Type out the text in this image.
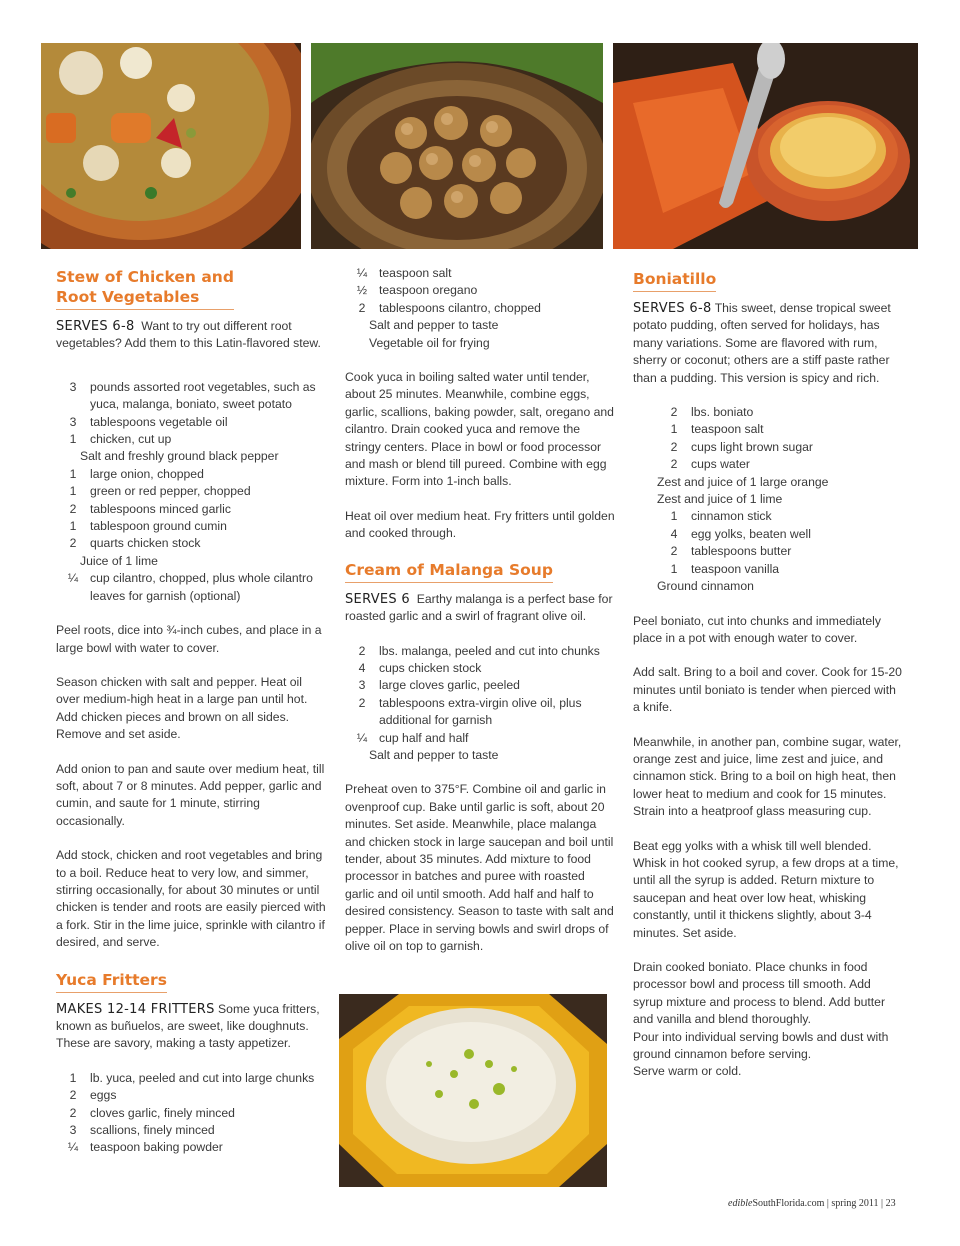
Stew of Chicken and
Root Vegetables

SERVES 6-8 Want to try out different root vegetables? Add them to this Latin-flavored stew.

3	pounds assorted root vegetables, such as yuca, malanga, boniato, sweet potato
3	tablespoons vegetable oil
1	chicken, cut up
Salt and freshly ground black pepper
1	large onion, chopped
1	green or red pepper, chopped
2	tablespoons minced garlic
1	tablespoon ground cumin
2	quarts chicken stock
Juice of 1 lime
¼ cup cilantro, chopped, plus whole cilantro leaves for garnish (optional)

Peel roots, dice into ¾-inch cubes, and place in a large bowl with water to cover.

Season chicken with salt and pepper. Heat oil over medium-high heat in a large pan until hot. Add chicken pieces and brown on all sides. Remove and set aside.

Add onion to pan and saute over medium heat, till soft, about 7 or 8 minutes. Add pepper, garlic and cumin, and saute for 1 minute, stirring occasionally.

Add stock, chicken and root vegetables and bring to a boil. Reduce heat to very low, and simmer, stirring occasionally, for about 30 minutes or until chicken is tender and roots are easily pierced with a fork. Stir in the lime juice, sprinkle with cilantro if desired, and serve.

Yuca Fritters

MAKES 12-14 FRITTERS Some yuca fritters, known as buñuelos, are sweet, like doughnuts. These are savory, making a tasty appetizer.

1	lb. yuca, peeled and cut into large chunks
2	eggs
2	cloves garlic, finely minced
3	scallions, finely minced
¼ teaspoon baking powder
¼ teaspoon salt
½ teaspoon oregano
2	tablespoons cilantro, chopped
Salt and pepper to taste
Vegetable oil for frying

Cook yuca in boiling salted water until tender, about 25 minutes. Meanwhile, combine eggs, garlic, scallions, baking powder, salt, oregano and cilantro. Drain cooked yuca and remove the stringy centers. Place in bowl or food processor and mash or blend till pureed. Combine with egg mixture. Form into 1-inch balls.

Heat oil over medium heat. Fry fritters until golden and cooked through.

Cream of Malanga Soup

SERVES 6 Earthy malanga is a perfect base for roasted garlic and a swirl of fragrant olive oil.

2	lbs. malanga, peeled and cut into chunks
4	cups chicken stock
3	large cloves garlic, peeled
2	tablespoons extra-virgin olive oil, plus additional for garnish
¼ cup half and half
Salt and pepper to taste

Preheat oven to 375°F. Combine oil and garlic in ovenproof cup. Bake until garlic is soft, about 20 minutes. Set aside. Meanwhile, place malanga and chicken stock in large saucepan and boil until tender, about 35 minutes. Add mixture to food processor in batches and puree with roasted garlic and oil until smooth. Add half and half to desired consistency. Season to taste with salt and pepper. Place in serving bowls and swirl drops of olive oil on top to garnish.

Boniatillo

SERVES 6-8 This sweet, dense tropical sweet potato pudding, often served for holidays, has many variations. Some are flavored with rum, sherry or coconut; others are a stiff paste rather than a pudding. This version is spicy and rich.

2	lbs. boniato
1	teaspoon salt
2	cups light brown sugar
2	cups water
Zest and juice of 1 large orange
Zest and juice of 1 lime
1	cinnamon stick
4	egg yolks, beaten well
2	tablespoons butter
1	teaspoon vanilla
Ground cinnamon

Peel boniato, cut into chunks and immediately place in a pot with enough water to cover.

Add salt. Bring to a boil and cover. Cook for 15-20 minutes until boniato is tender when pierced with a knife.

Meanwhile, in another pan, combine sugar, water, orange zest and juice, lime zest and juice, and cinnamon stick. Bring to a boil on high heat, then lower heat to medium and cook for 15 minutes. Strain into a heatproof glass measuring cup.

Beat egg yolks with a whisk till well blended. Whisk in hot cooked syrup, a few drops at a time, until all the syrup is added. Return mixture to saucepan and heat over low heat, whisking constantly, until it thickens slightly, about 3-4 minutes. Set aside.

Drain cooked boniato. Place chunks in food processor bowl and process till smooth. Add syrup mixture and process to blend. Add butter and vanilla and blend thoroughly.
Pour into individual serving bowls and dust with ground cinnamon before serving.
Serve warm or cold.

edibleSouthFlorida.com | spring 2011 | 23
